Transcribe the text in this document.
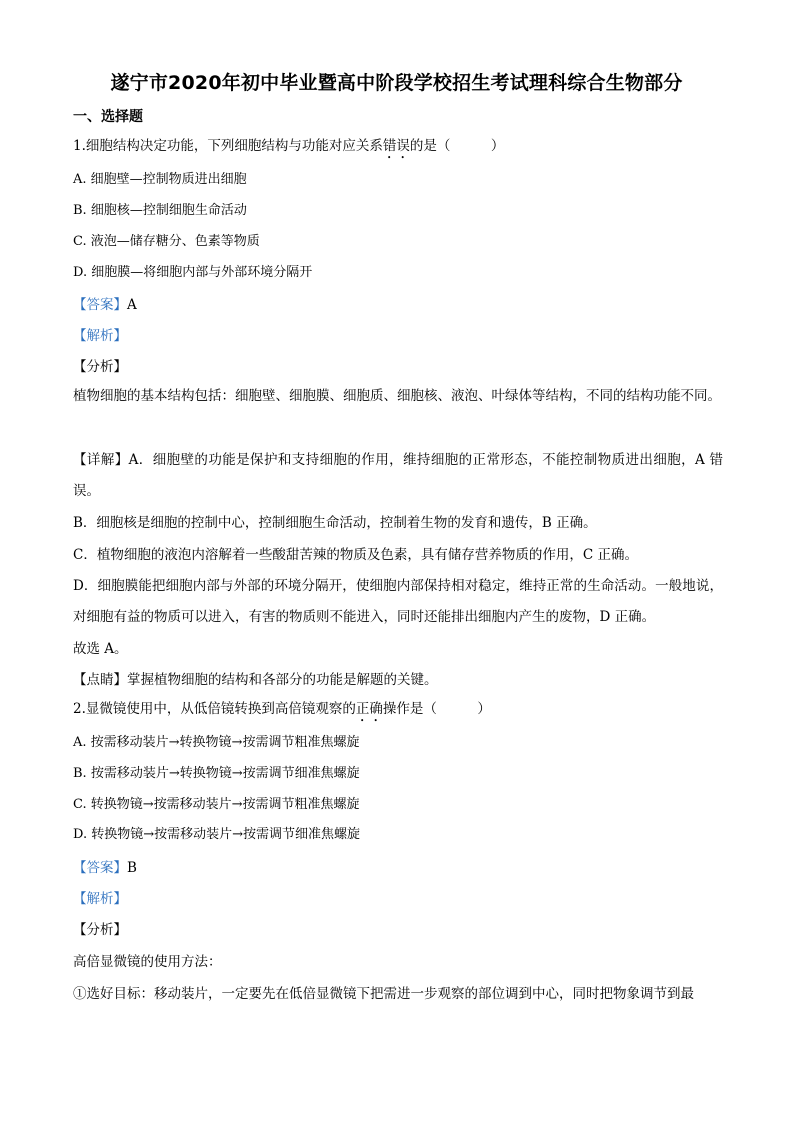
遂宁市2020年初中毕业暨高中阶段学校招生考试理科综合生物部分
一、选择题
1.细胞结构决定功能，下列细胞结构与功能对应关系错误的是（　　　）
A. 细胞壁—控制物质进出细胞
B. 细胞核—控制细胞生命活动
C. 液泡—储存糖分、色素等物质
D. 细胞膜—将细胞内部与外部环境分隔开
【答案】A
【解析】
【分析】
植物细胞的基本结构包括：细胞壁、细胞膜、细胞质、细胞核、液泡、叶绿体等结构，不同的结构功能不同。
【详解】A．细胞壁的功能是保护和支持细胞的作用，维持细胞的正常形态，不能控制物质进出细胞，A 错误。
B．细胞核是细胞的控制中心，控制细胞生命活动，控制着生物的发育和遗传，B 正确。
C．植物细胞的液泡内溶解着一些酸甜苦辣的物质及色素，具有储存营养物质的作用，C 正确。
D．细胞膜能把细胞内部与外部的环境分隔开，使细胞内部保持相对稳定，维持正常的生命活动。一般地说，对细胞有益的物质可以进入，有害的物质则不能进入，同时还能排出细胞内产生的废物，D 正确。
故选 A。
【点睛】掌握植物细胞的结构和各部分的功能是解题的关键。
2.显微镜使用中，从低倍镜转换到高倍镜观察的正确操作是（　　　）
A. 按需移动装片→转换物镜→按需调节粗准焦螺旋
B. 按需移动装片→转换物镜→按需调节细准焦螺旋
C. 转换物镜→按需移动装片→按需调节粗准焦螺旋
D. 转换物镜→按需移动装片→按需调节细准焦螺旋
【答案】B
【解析】
【分析】
高倍显微镜的使用方法：
①选好目标：移动装片，一定要先在低倍显微镜下把需进一步观察的部位调到中心，同时把物象调节到最
